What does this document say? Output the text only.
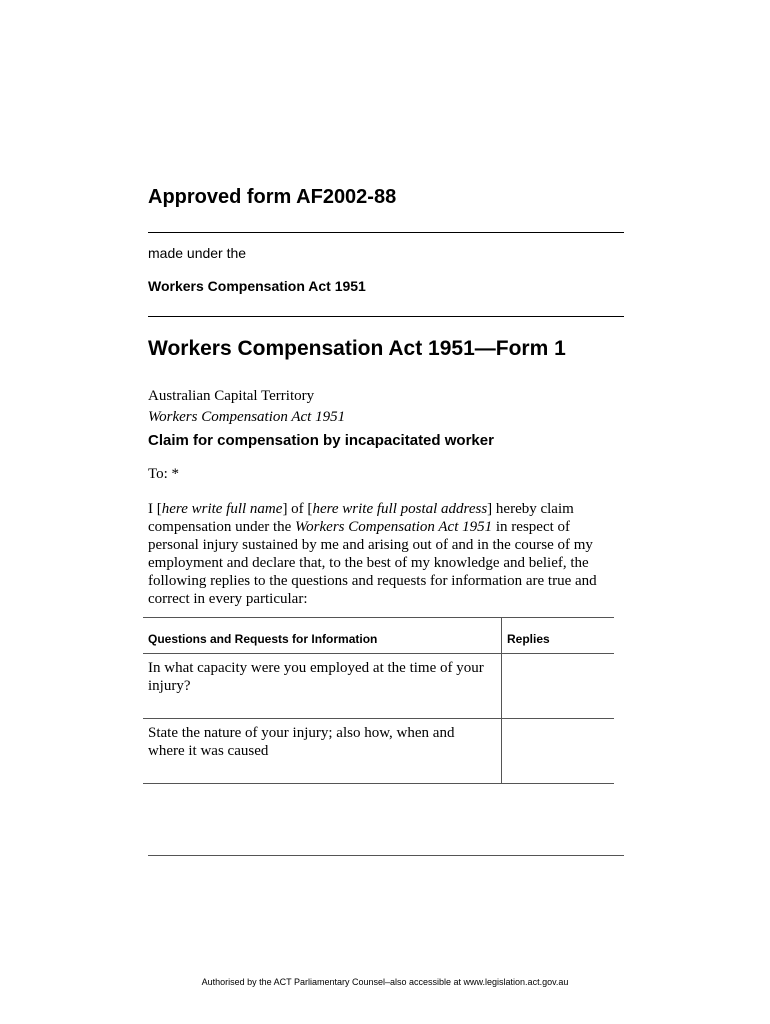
Approved form AF2002-88
made under the
Workers Compensation Act 1951
Workers Compensation Act 1951—Form 1
Australian Capital Territory
Workers Compensation Act 1951
Claim for compensation by incapacitated worker
To: *

I [here write full name] of [here write full postal address] hereby claim

compensation under the Workers Compensation Act 1951 in respect of

personal injury sustained by me and arising out of and in the course of my

employment and declare that, to the best of my knowledge and belief, the

following replies to the questions and requests for information are true and

correct in every particular:

Questions and Requests for Information	Replies

In what capacity were you employed at the time of your

injury?

State the nature of your injury; also how, when and

where it was caused

Authorised by the ACT Parliamentary Counsel–also accessible at www.legislation.act.gov.au
